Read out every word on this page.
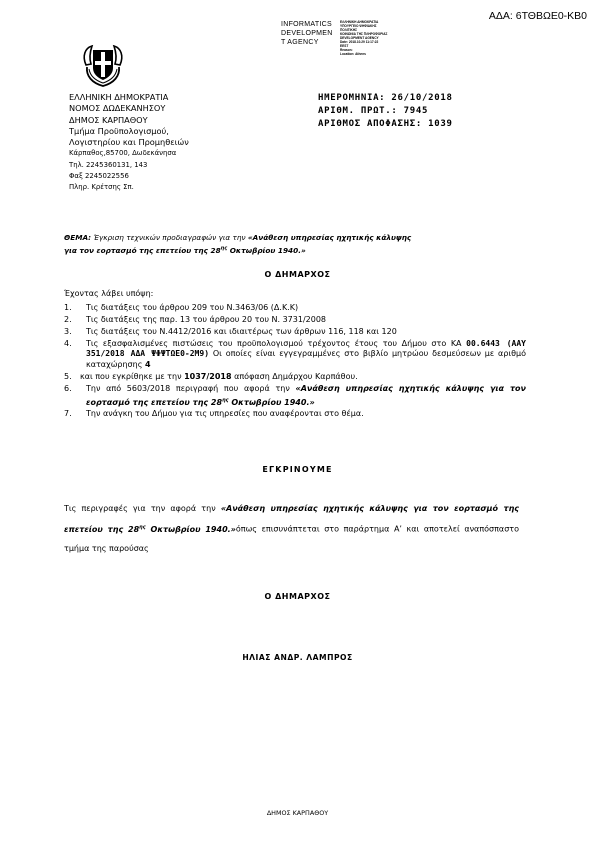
ΑΔΑ: 6ΤΘΒΩΕ0-ΚΒ0
INFORMATICS
DEVELOPMEN
T AGENCY
ΕΛΛΗΝΙΚΗ ΔΗΜΟΚΡΑΤΙΑ
ΥΠΟΥΡΓΕΙΟ ΨΗΦΙΑΚΗΣ
ΠΟΛΙΤΙΚΗΣ
ΚΟΙΝΩΝΙΑ ΤΗΣ ΠΛΗΡΟΦΟΡΙΑΣ
DEVELOPMENT AGENCY
Date: 2018.10.29 11:17:22
EEST
Reason:
Location: Athens
ΕΛΛΗΝΙΚΗ ΔΗΜΟΚΡΑΤΙΑ
ΝΟΜΟΣ ΔΩΔΕΚΑΝΗΣΟΥ
ΔΗΜΟΣ ΚΑΡΠΑΘΟΥ
Τμήμα Προϋπολογισμού,
Λογιστηρίου και Προμηθειών
Κάρπαθος,85700, Δωδεκάνησα
Τηλ. 2245360131, 143
Φαξ 2245022556
Πληρ. Κρέτσης Σπ.
ΗΜΕΡΟΜΗΝΙΑ: 26/10/2018
ΑΡΙΘΜ. ΠΡΩΤ.: 7945
ΑΡΙΘΜΟΣ ΑΠΟΦΑΣΗΣ: 1039
ΘΕΜΑ: Έγκριση τεχνικών προδιαγραφών για την «Ανάθεση υπηρεσίας ηχητικής κάλυψης
για τον εορτασμό της επετείου της $28^{\eta\varsigma}$ Οκτωβρίου 1940.»
Ο ΔΗΜΑΡΧΟΣ
Έχοντας λάβει υπόψη:
1. Τις διατάξεις του άρθρου 209 του Ν.3463/06 (Δ.Κ.Κ)
2. Τις διατάξεις της παρ. 13 του άρθρου 20 του Ν. 3731/2008
3. Τις διατάξεις του Ν.4412/2016 και ιδιαιτέρως των άρθρων 116, 118 και 120
4. Τις εξασφαλισμένες πιστώσεις του προϋπολογισμού τρέχοντος έτους του Δήμου στο ΚΑ 00.6443 (ΑΑΥ 351/2018 ΑΔΑ ΨΦΨΤΩΕ0-2Μ9) Οι οποίες είναι εγγεγραμμένες στο βιβλίο μητρώου δεσμεύσεων με αριθμό καταχώρησης 4
5. και που εγκρίθηκε με την 1037/2018 απόφαση Δημάρχου Καρπάθου.
6. Την από 5603/2018 περιγραφή που αφορά την «Ανάθεση υπηρεσίας ηχητικής κάλυψης για τον εορτασμό της επετείου της $28^{\eta\varsigma}$ Οκτωβρίου 1940.»
7. Την ανάγκη του Δήμου για τις υπηρεσίες που αναφέρονται στο θέμα.
ΕΓΚΡΙΝΟΥΜΕ
Τις περιγραφές για την αφορά την «Ανάθεση υπηρεσίας ηχητικής κάλυψης για τον εορτασμό της επετείου της $28^{\eta\varsigma}$ Οκτωβρίου 1940.»όπως επισυνάπτεται στο παράρτημα Α’ και αποτελεί αναπόσπαστο τμήμα της παρούσας
Ο ΔΗΜΑΡΧΟΣ
ΗΛΙΑΣ ΑΝΔΡ. ΛΑΜΠΡΟΣ
ΔΗΜΟΣ ΚΑΡΠΑΘΟΥ
